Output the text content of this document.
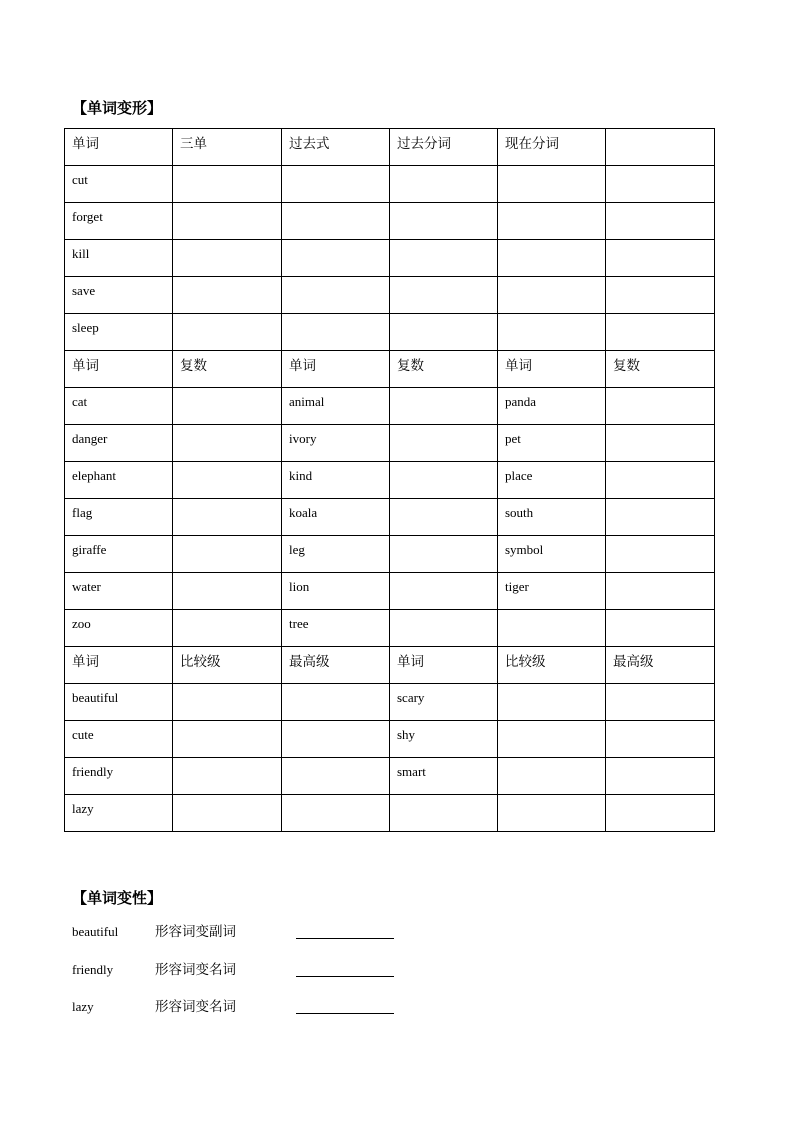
【单词变形】
单词	三单	过去式	过去分词	现在分词	

cut					

forget					

kill					

save					

sleep					

单词	复数	单词	复数	单词	复数

cat		animal		panda	

danger		ivory		pet	

elephant		kind		place	

flag		koala		south	

giraffe		leg		symbol	

water		lion		tiger	

zoo		tree			

单词	比较级	最高级	单词	比较级	最高级

beautiful			scary		

cute			shy		

friendly			smart		

lazy					

【单词变性】
beautiful	形容词变副词
friendly	形容词变名词
lazy	形容词变名词
